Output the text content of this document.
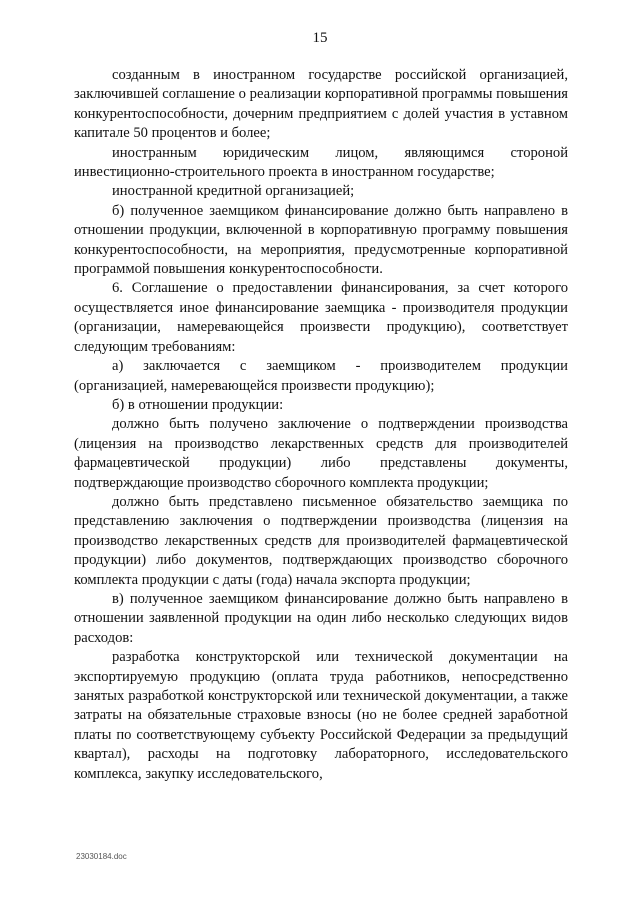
15

созданным в иностранном государстве российской организацией, заключившей соглашение о реализации корпоративной программы повышения конкурентоспособности, дочерним предприятием с долей участия в уставном капитале 50 процентов и более;

иностранным юридическим лицом, являющимся стороной инвестиционно-строительного проекта в иностранном государстве;

иностранной кредитной организацией;

б) полученное заемщиком финансирование должно быть направлено в отношении продукции, включенной в корпоративную программу повышения конкурентоспособности, на мероприятия, предусмотренные корпоративной программой повышения конкурентоспособности.

6. Соглашение о предоставлении финансирования, за счет которого осуществляется иное финансирование заемщика - производителя продукции (организации, намеревающейся произвести продукцию), соответствует следующим требованиям:

а) заключается с заемщиком - производителем продукции (организацией, намеревающейся произвести продукцию);

б) в отношении продукции:

должно быть получено заключение о подтверждении производства (лицензия на производство лекарственных средств для производителей фармацевтической продукции) либо представлены документы, подтверждающие производство сборочного комплекта продукции;

должно быть представлено письменное обязательство заемщика по представлению заключения о подтверждении производства (лицензия на производство лекарственных средств для производителей фармацевтической продукции) либо документов, подтверждающих производство сборочного комплекта продукции с даты (года) начала экспорта продукции;

в) полученное заемщиком финансирование должно быть направлено в отношении заявленной продукции на один либо несколько следующих видов расходов:

разработка конструкторской или технической документации на экспортируемую продукцию (оплата труда работников, непосредственно занятых разработкой конструкторской или технической документации, а также затраты на обязательные страховые взносы (но не более средней заработной платы по соответствующему субъекту Российской Федерации за предыдущий квартал), расходы на подготовку лабораторного, исследовательского комплекса, закупку исследовательского,

23030184.doc
